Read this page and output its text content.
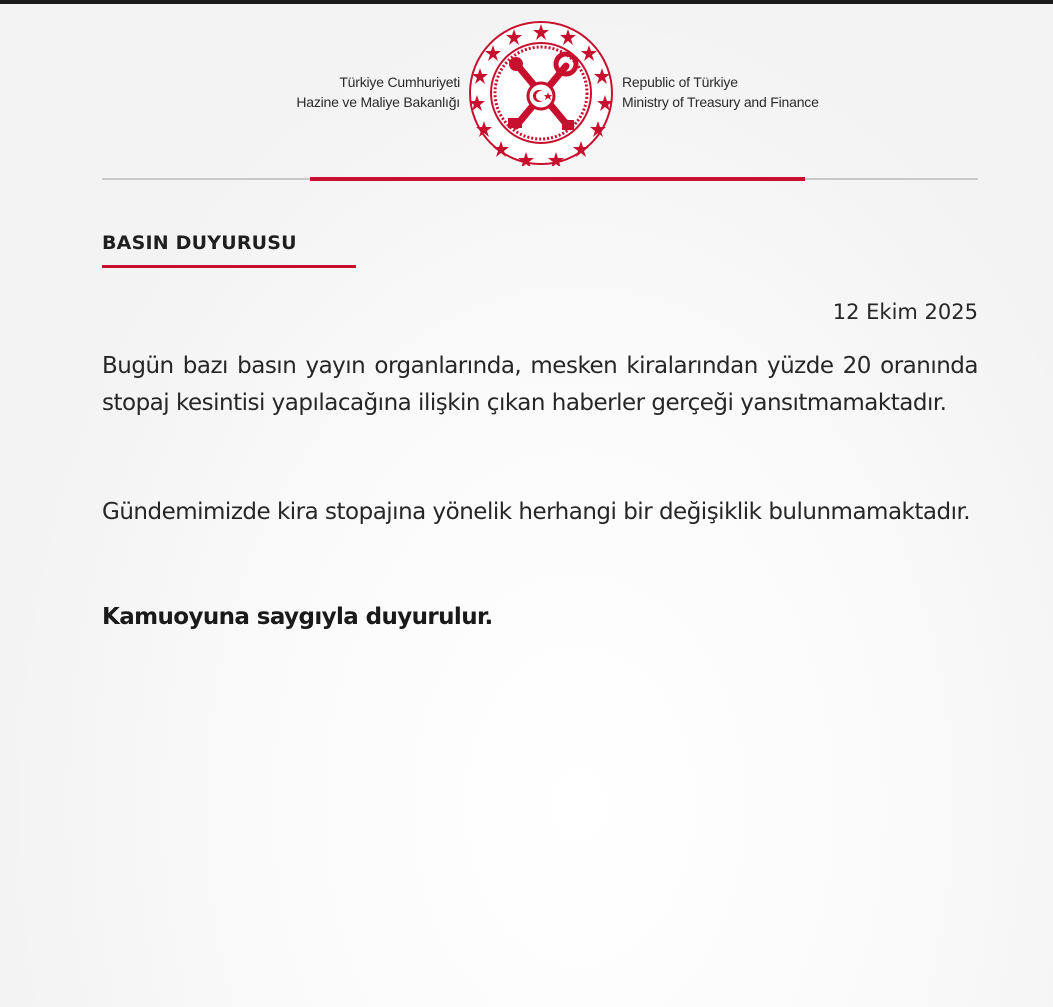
Türkiye Cumhuriyeti
Hazine ve Maliye Bakanlığı
Republic of Türkiye
Ministry of Treasury and Finance
BASIN DUYURUSU
12 Ekim 2025
Bugün bazı basın yayın organlarında, mesken kiralarından yüzde 20 oranında stopaj kesintisi yapılacağına ilişkin çıkan haberler gerçeği yansıtmamaktadır.
Gündemimizde kira stopajına yönelik herhangi bir değişiklik bulunmamaktadır.
Kamuoyuna saygıyla duyurulur.
